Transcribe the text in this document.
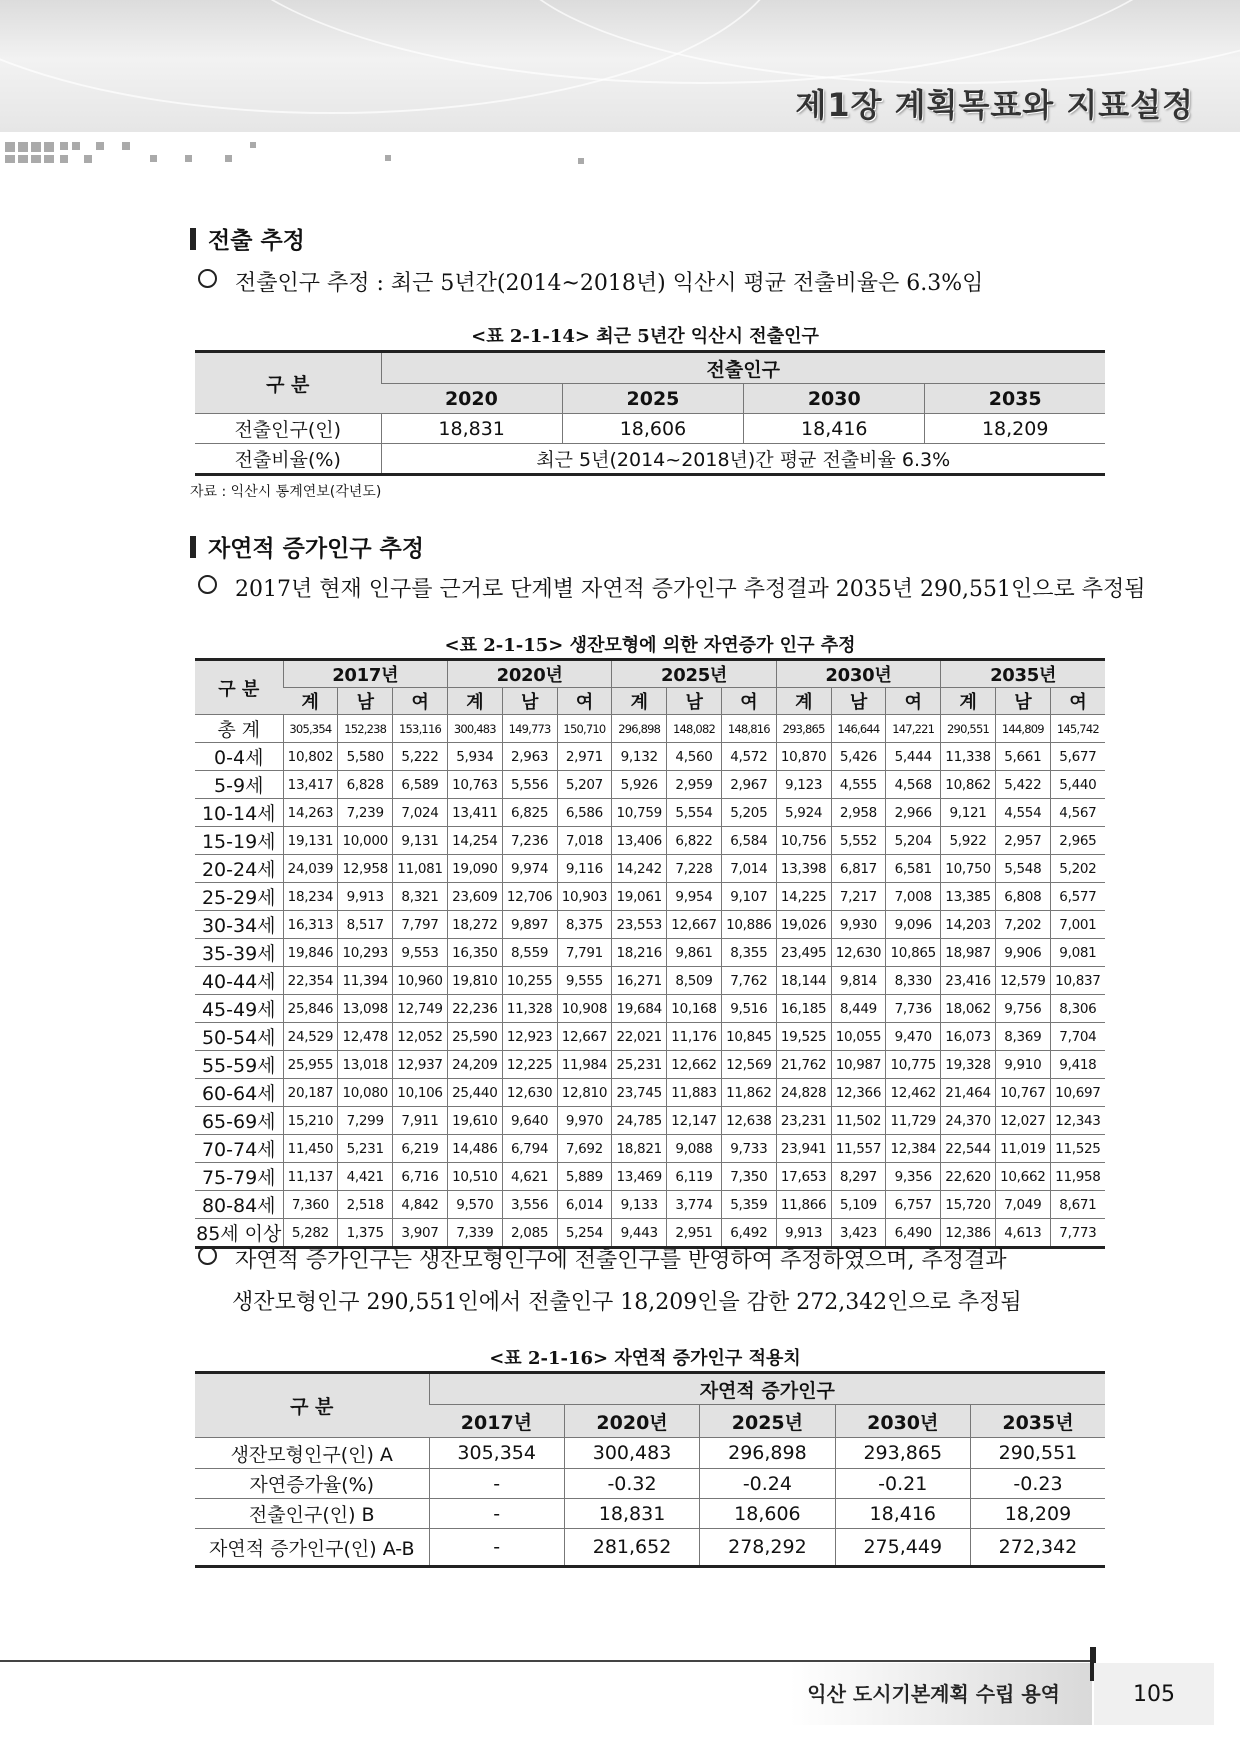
제1장 계획목표와 지표설정
전출 추정
전출인구 추정 : 최근 5년간(2014~2018년) 익산시 평균 전출비율은 6.3%임
<표 2-1-14> 최근 5년간 익산시 전출인구
구 분	전출인구			
	2020	2025	2030	2035
전출인구(인)	18,831	18,606	18,416	18,209
전출비율(%)	최근 5년(2014~2018년)간 평균 전출비율 6.3%			
자료 : 익산시 통계연보(각년도)
자연적 증가인구 추정
2017년 현재 인구를 근거로 단계별 자연적 증가인구 추정결과 2035년 290,551인으로 추정됨
<표 2-1-15> 생잔모형에 의한 자연증가 인구 추정
구 분	2017년			2020년			2025년			2030년			2035년		
	계	남	여	계	남	여	계	남	여	계	남	여	계	남	여
총 계	305,354	152,238	153,116	300,483	149,773	150,710	296,898	148,082	148,816	293,865	146,644	147,221	290,551	144,809	145,742
0-4세	10,802	5,580	5,222	5,934	2,963	2,971	9,132	4,560	4,572	10,870	5,426	5,444	11,338	5,661	5,677
5-9세	13,417	6,828	6,589	10,763	5,556	5,207	5,926	2,959	2,967	9,123	4,555	4,568	10,862	5,422	5,440
10-14세	14,263	7,239	7,024	13,411	6,825	6,586	10,759	5,554	5,205	5,924	2,958	2,966	9,121	4,554	4,567
15-19세	19,131	10,000	9,131	14,254	7,236	7,018	13,406	6,822	6,584	10,756	5,552	5,204	5,922	2,957	2,965
20-24세	24,039	12,958	11,081	19,090	9,974	9,116	14,242	7,228	7,014	13,398	6,817	6,581	10,750	5,548	5,202
25-29세	18,234	9,913	8,321	23,609	12,706	10,903	19,061	9,954	9,107	14,225	7,217	7,008	13,385	6,808	6,577
30-34세	16,313	8,517	7,797	18,272	9,897	8,375	23,553	12,667	10,886	19,026	9,930	9,096	14,203	7,202	7,001
35-39세	19,846	10,293	9,553	16,350	8,559	7,791	18,216	9,861	8,355	23,495	12,630	10,865	18,987	9,906	9,081
40-44세	22,354	11,394	10,960	19,810	10,255	9,555	16,271	8,509	7,762	18,144	9,814	8,330	23,416	12,579	10,837
45-49세	25,846	13,098	12,749	22,236	11,328	10,908	19,684	10,168	9,516	16,185	8,449	7,736	18,062	9,756	8,306
50-54세	24,529	12,478	12,052	25,590	12,923	12,667	22,021	11,176	10,845	19,525	10,055	9,470	16,073	8,369	7,704
55-59세	25,955	13,018	12,937	24,209	12,225	11,984	25,231	12,662	12,569	21,762	10,987	10,775	19,328	9,910	9,418
60-64세	20,187	10,080	10,106	25,440	12,630	12,810	23,745	11,883	11,862	24,828	12,366	12,462	21,464	10,767	10,697
65-69세	15,210	7,299	7,911	19,610	9,640	9,970	24,785	12,147	12,638	23,231	11,502	11,729	24,370	12,027	12,343
70-74세	11,450	5,231	6,219	14,486	6,794	7,692	18,821	9,088	9,733	23,941	11,557	12,384	22,544	11,019	11,525
75-79세	11,137	4,421	6,716	10,510	4,621	5,889	13,469	6,119	7,350	17,653	8,297	9,356	22,620	10,662	11,958
80-84세	7,360	2,518	4,842	9,570	3,556	6,014	9,133	3,774	5,359	11,866	5,109	6,757	15,720	7,049	8,671
85세 이상	5,282	1,375	3,907	7,339	2,085	5,254	9,443	2,951	6,492	9,913	3,423	6,490	12,386	4,613	7,773
자연적 증가인구는 생잔모형인구에 전출인구를 반영하여 추정하였으며, 추정결과
생잔모형인구 290,551인에서 전출인구 18,209인을 감한 272,342인으로 추정됨
<표 2-1-16> 자연적 증가인구 적용치
구 분	자연적 증가인구				
	2017년	2020년	2025년	2030년	2035년
생잔모형인구(인) A	305,354	300,483	296,898	293,865	290,551
자연증가율(%)	-	-0.32	-0.24	-0.21	-0.23
전출인구(인) B	-	18,831	18,606	18,416	18,209
자연적 증가인구(인) A-B	-	281,652	278,292	275,449	272,342
익산 도시기본계획 수립 용역	105
